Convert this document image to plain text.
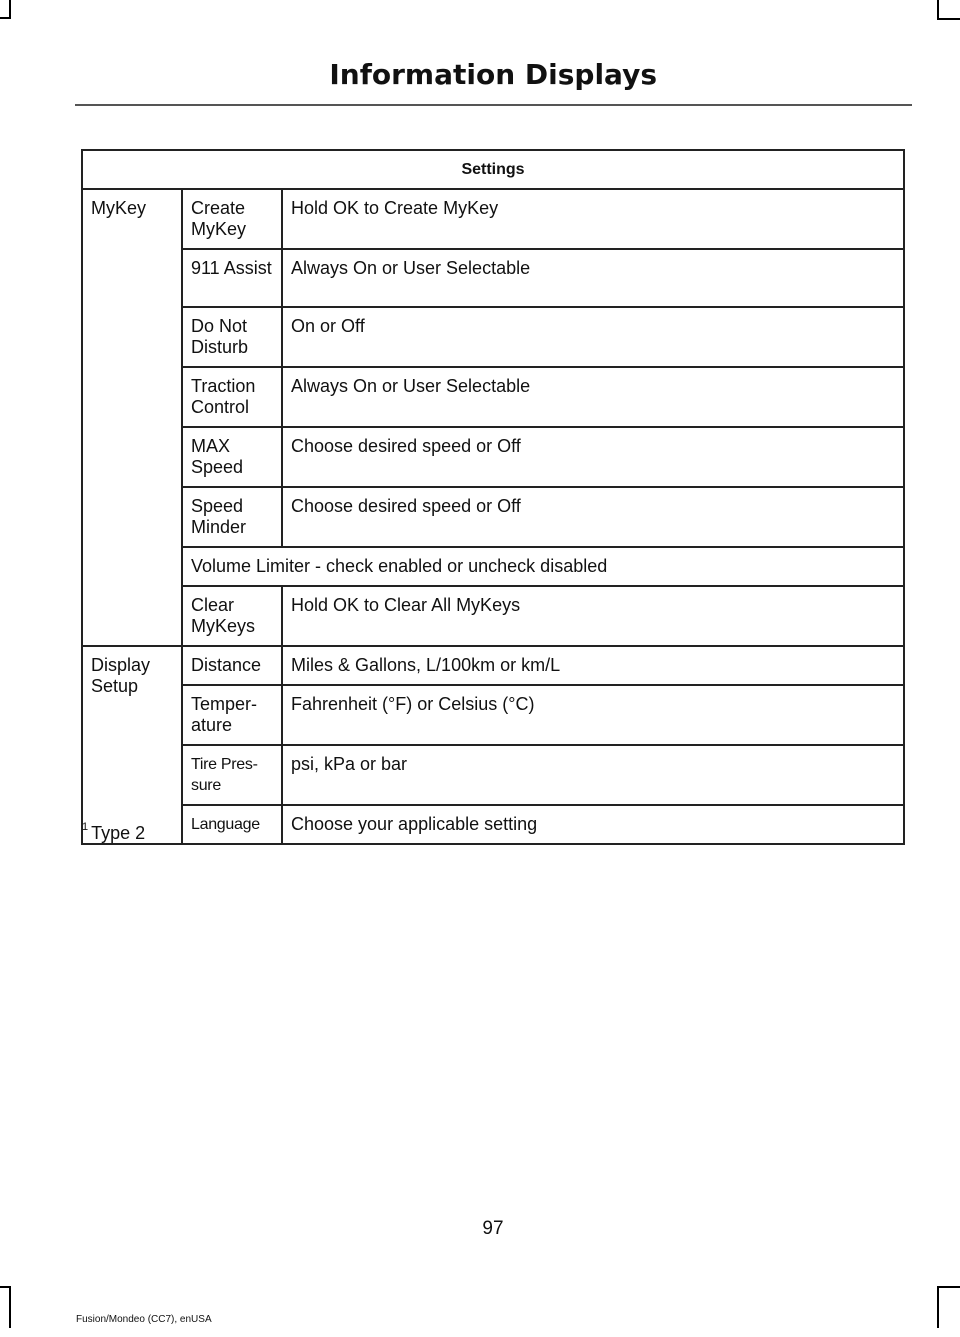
Information Displays
Settings		
MyKey	Create MyKey	Hold OK to Create MyKey
	911 Assist	Always On or User Selectable
	Do Not Disturb	On or Off
	Traction Control	Always On or User Selectable
	MAX Speed	Choose desired speed or Off
	Speed Minder	Choose desired speed or Off
	Volume Limiter - check enabled or uncheck disabled	
	Clear MyKeys	Hold OK to Clear All MyKeys
Display Setup	Distance	Miles & Gallons, L/100km or km/L
	Temper-ature	Fahrenheit (°F) or Celsius (°C)
	Tire Pres-sure	psi, kPa or bar
	Language	Choose your applicable setting
$^1$ Type 2
97
Fusion/Mondeo (CC7), enUSA
